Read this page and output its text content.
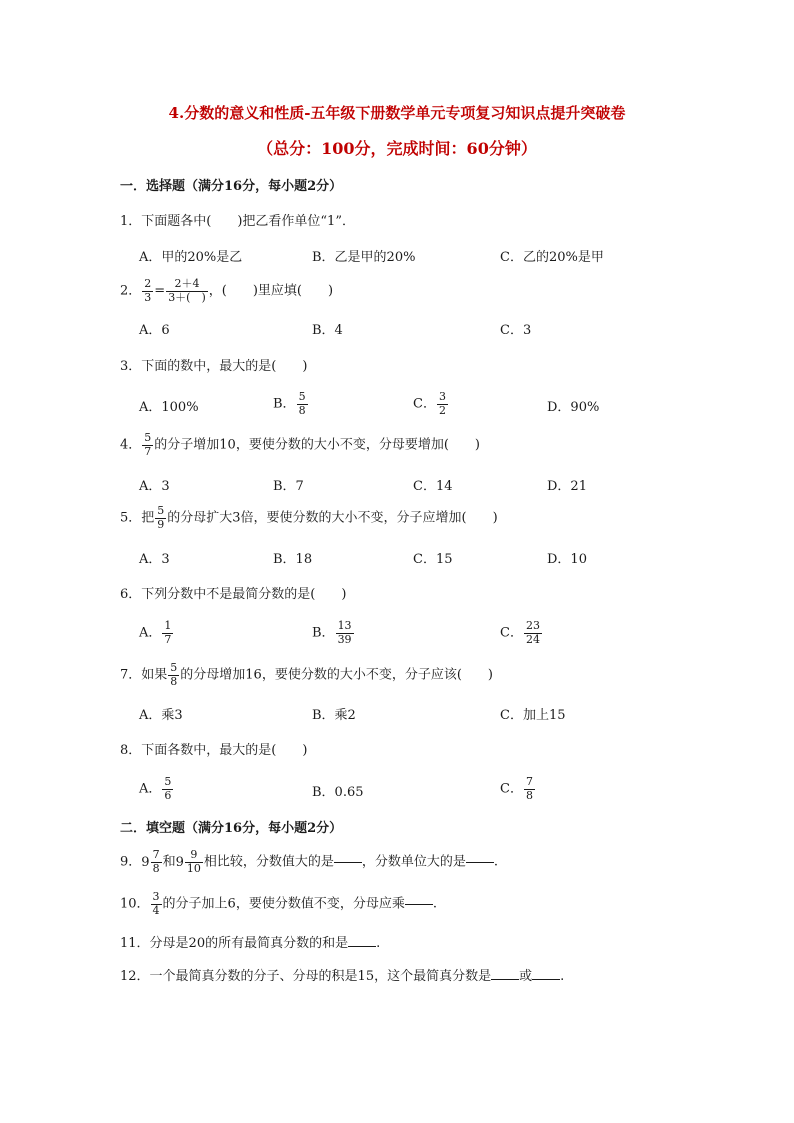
4.分数的意义和性质-五年级下册数学单元专项复习知识点提升突破卷
（总分：100分，完成时间：60分钟）
一．选择题（满分16分，每小题2分）
1．下面题各中( )把乙看作单位“1”．
A．甲的20%是乙	B．乙是甲的20%	C．乙的20%是甲
2． $\frac{2}{3} = \frac{2+4}{3+( )}$ ，( )里应填( )
A．6	B．4	C．3
3．下面的数中，最大的是( )
A．100%	B． $\frac{5}{8}$	C． $\frac{3}{2}$	D．90%
4． $\frac{5}{7}$ 的分子增加10，要使分数的大小不变，分母要增加( )
A．3	B．7	C．14	D．21
5．把 $\frac{5}{9}$ 的分母扩大3倍，要使分数的大小不变，分子应增加( )
A．3	B．18	C．15	D．10
6．下列分数中不是最简分数的是( )
A． $\frac{1}{7}$	B． $\frac{13}{39}$	C． $\frac{23}{24}$
7．如果 $\frac{5}{8}$ 的分母增加16，要使分数的大小不变，分子应该( )
A．乘3	B．乘2	C．加上15
8．下面各数中，最大的是( )
A． $\frac{5}{6}$	B．0.65	C． $\frac{7}{8}$
二．填空题（满分16分，每小题2分）
9． $9 \frac{7}{8}$ 和 $9 \frac{9}{10}$ 相比较，分数值大的是 ，分数单位大的是 .
10． $\frac{3}{4}$ 的分子加上6，要使分数值不变，分母应乘 .
11．分母是20的所有最简真分数的和是 .
12．一个最简真分数的分子、分母的积是15，这个最简真分数是 或 .
